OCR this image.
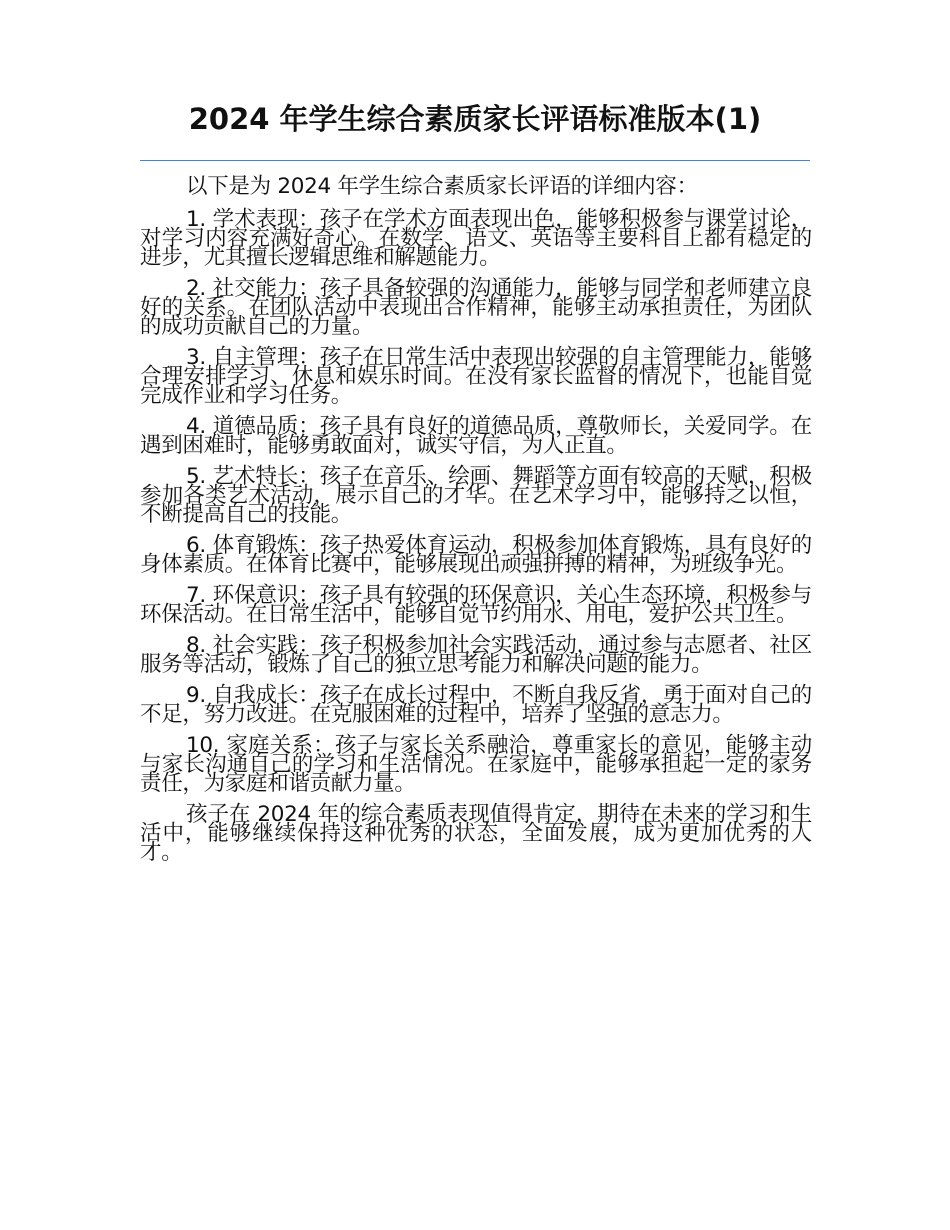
2024 年学生综合素质家长评语标准版本(1)

以下是为 2024 年学生综合素质家长评语的详细内容：

1. 学术表现：孩子在学术方面表现出色，能够积极参与课堂讨论，对学习内容充满好奇心。在数学、语文、英语等主要科目上都有稳定的进步，尤其擅长逻辑思维和解题能力。

2. 社交能力：孩子具备较强的沟通能力，能够与同学和老师建立良好的关系。在团队活动中表现出合作精神，能够主动承担责任，为团队的成功贡献自己的力量。

3. 自主管理：孩子在日常生活中表现出较强的自主管理能力，能够合理安排学习、休息和娱乐时间。在没有家长监督的情况下，也能自觉完成作业和学习任务。

4. 道德品质：孩子具有良好的道德品质，尊敬师长，关爱同学。在遇到困难时，能够勇敢面对，诚实守信，为人正直。

5. 艺术特长：孩子在音乐、绘画、舞蹈等方面有较高的天赋，积极参加各类艺术活动，展示自己的才华。在艺术学习中，能够持之以恒，不断提高自己的技能。

6. 体育锻炼：孩子热爱体育运动，积极参加体育锻炼，具有良好的身体素质。在体育比赛中，能够展现出顽强拼搏的精神，为班级争光。

7. 环保意识：孩子具有较强的环保意识，关心生态环境，积极参与环保活动。在日常生活中，能够自觉节约用水、用电，爱护公共卫生。

8. 社会实践：孩子积极参加社会实践活动，通过参与志愿者、社区服务等活动，锻炼了自己的独立思考能力和解决问题的能力。

9. 自我成长：孩子在成长过程中，不断自我反省，勇于面对自己的不足，努力改进。在克服困难的过程中，培养了坚强的意志力。

10. 家庭关系：孩子与家长关系融洽，尊重家长的意见，能够主动与家长沟通自己的学习和生活情况。在家庭中，能够承担起一定的家务责任，为家庭和谐贡献力量。

孩子在 2024 年的综合素质表现值得肯定，期待在未来的学习和生活中，能够继续保持这种优秀的状态，全面发展，成为更加优秀的人才。
